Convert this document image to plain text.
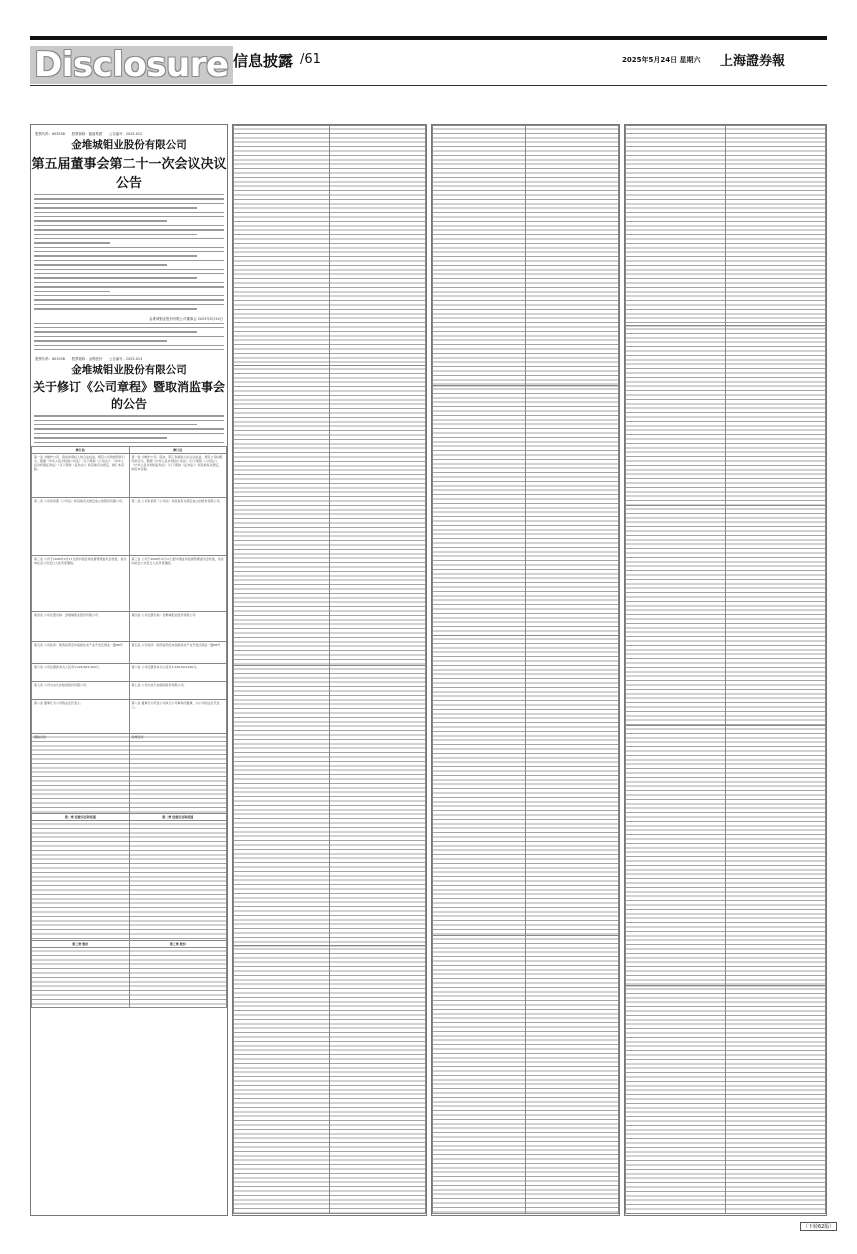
Disclosure 信息披露 /61	2025年5月24日 星期六 上海證券報
股票代码：603558　　股票简称：健盛集团　　公告编号：2025-012
金堆城钼业股份有限公司
第五届董事会第二十一次会议决议公告
金堆城钼业股份有限公司董事会 2025年5月24日
股票代码：601958　　股票简称：金钼股份　　公告编号：2025-013
金堆城钼业股份有限公司
关于修订《公司章程》暨取消监事会的公告
修订前	修订后
第一条 为维护公司、股东和债权人的合法权益，规范公司的组织和行为，根据《中华人民共和国公司法》（以下简称《公司法》）、《中华人民共和国证券法》（以下简称《证券法》）和其他有关规定，制订本章程。	第一条 为维护公司、股东、职工和债权人的合法权益，规范公司的组织和行为，根据《中华人民共和国公司法》（以下简称《公司法》）、《中华人民共和国证券法》（以下简称《证券法》）和其他有关规定，制定本章程。
第二条 公司系依照《公司法》和其他有关规定成立的股份有限公司。	第二条 公司系依照《公司法》和其他有关规定成立的股份有限公司。
第三条 公司于2008年3月17日经中国证券监督管理委员会核准，首次向社会公众发行人民币普通股。	第三条 公司于2008年3月17日经中国证券监督管理委员会核准，首次向社会公众发行人民币普通股。
第四条 公司注册名称：金堆城钼业股份有限公司	第四条 公司注册名称：金堆城钼业股份有限公司
第五条 公司住所：陕西省西安市高新技术产业开发区锦业一路88号	第五条 公司住所：陕西省西安市高新技术产业开发区锦业一路88号
第六条 公司注册资本为人民币3,226,604,400元。	第六条 公司注册资本为人民币3,226,604,400元。
第七条 公司为永久存续的股份有限公司。	第七条 公司为永久存续的股份有限公司。
第八条 董事长为公司的法定代表人。	第八条 董事长为代表公司执行公司事务的董事，为公司的法定代表人。
删除条款	新增条款
第二章 经营宗旨和范围	第二章 经营宗旨和范围

第三章 股份	第三章 股份

（下转62版）
